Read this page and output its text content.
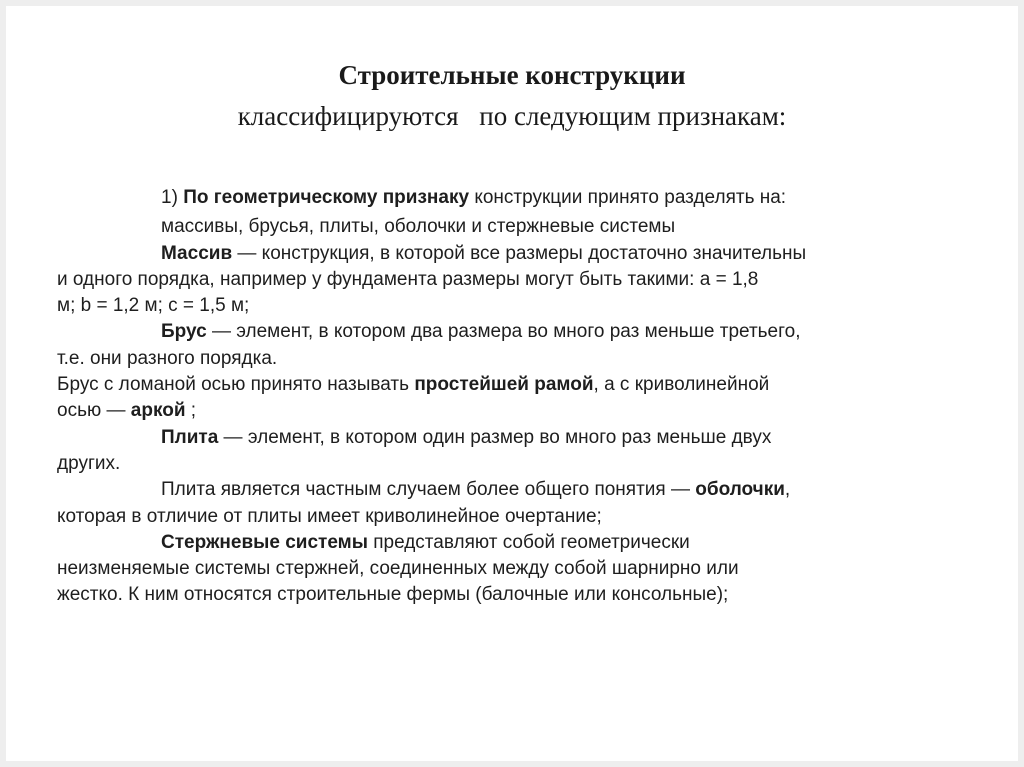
Строительные конструкции
классифицируются по следующим признакам:
1) По геометрическому признаку конструкции принято разделять на:
массивы, брусья, плиты, оболочки и стержневые системы
Массив — конструкция, в которой все размеры достаточно значительны
и одного порядка, например у фундамента размеры могут быть такими: а = 1,8
м; b = 1,2 м; с = 1,5 м;
Брус — элемент, в котором два размера во много раз меньше третьего,
т.е. они разного порядка.
Брус с ломаной осью принято называть простейшей рамой, а с криволинейной
осью — аркой ;
Плита — элемент, в котором один размер во много раз меньше двух
других.
Плита является частным случаем более общего понятия — оболочки,
которая в отличие от плиты имеет криволинейное очертание;
Стержневые системы представляют собой геометрически
неизменяемые системы стержней, соединенных между собой шарнирно или
жестко. К ним относятся строительные фермы (балочные или консольные);
